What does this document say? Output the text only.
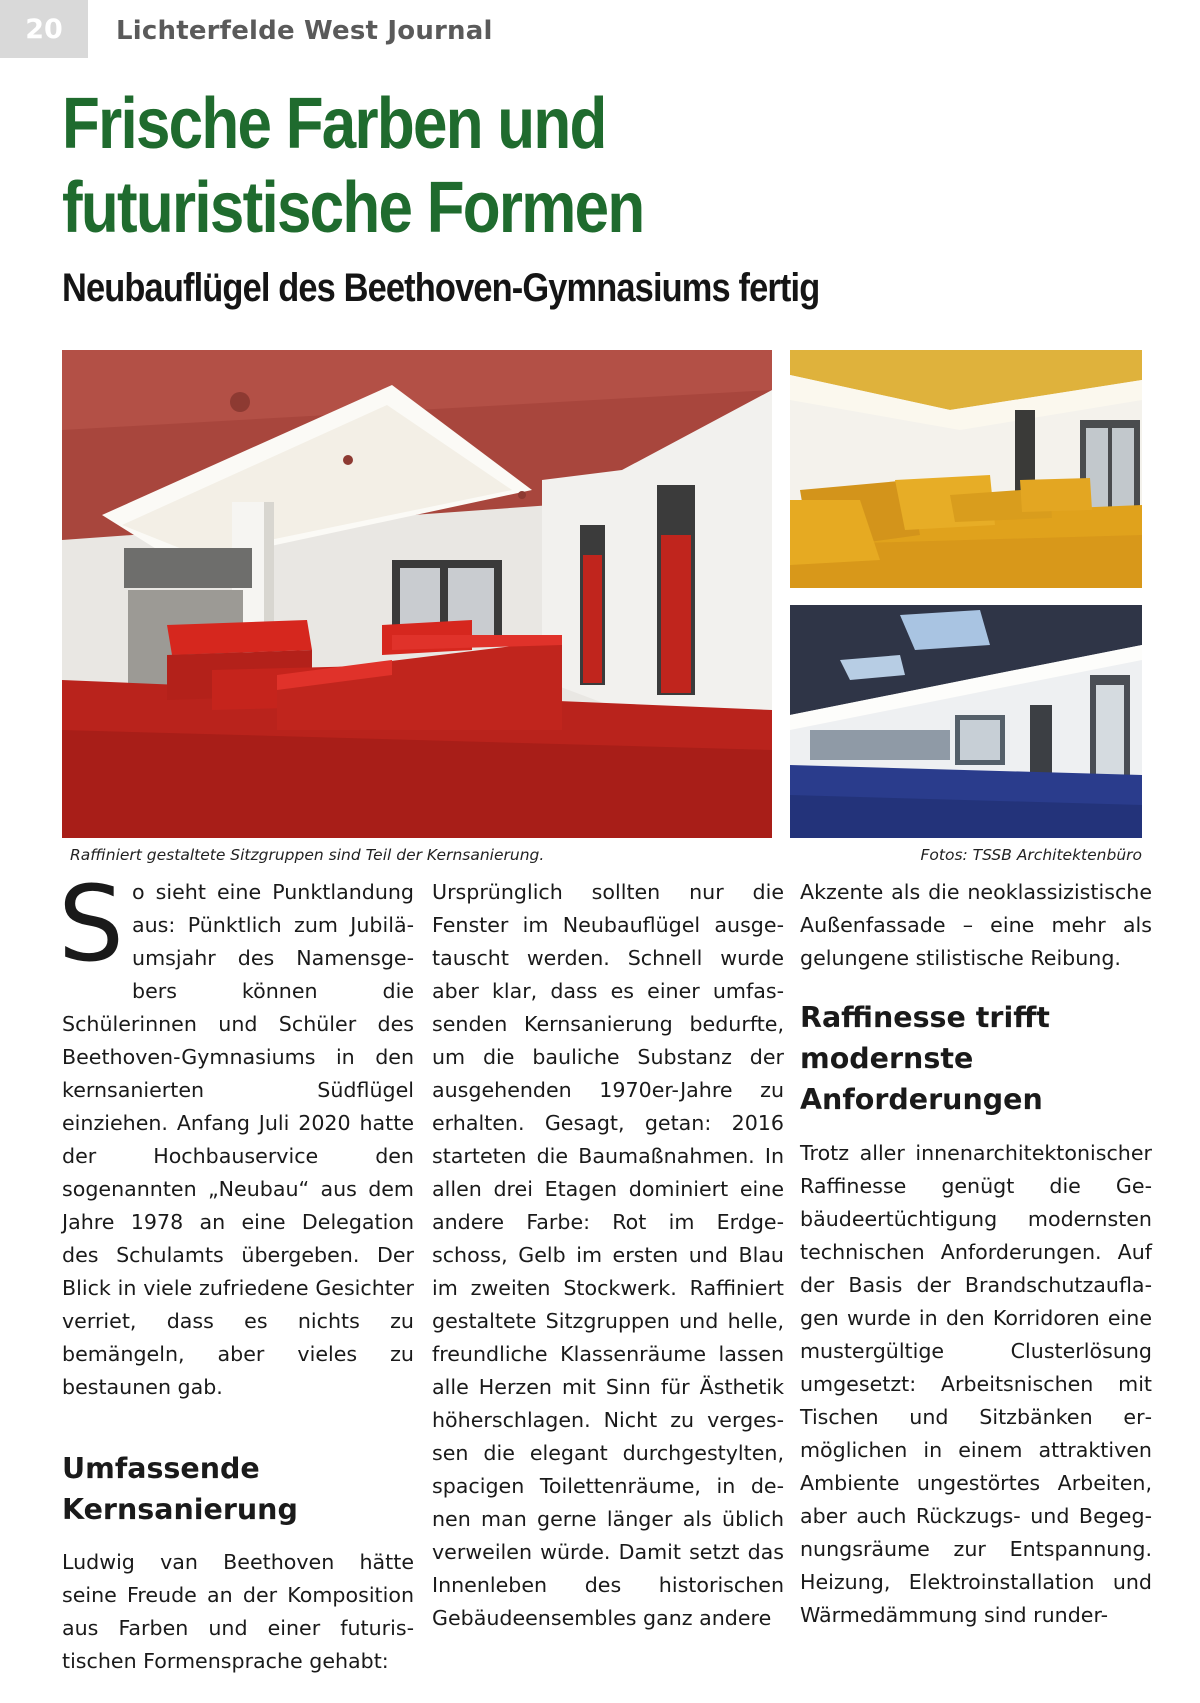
20	Lichterfelde West Journal
Frische Farben und
futuristische Formen
Neubauflügel des Beethoven-Gymnasiums fertig
Raffiniert gestaltete Sitzgruppen sind Teil der Kernsanierung.	Fotos: TSSB Architektenbüro

So sieht eine Punktlandung aus: Pünktlich zum Jubiläumsjahr des Namensgebers können die Schülerinnen und Schüler des Beethoven-Gymnasiums in den kernsanierten Südflügel einziehen. Anfang Juli 2020 hatte der Hochbauservice den sogenannten „Neubau“ aus dem Jahre 1978 an eine Delegation des Schulamts übergeben. Der Blick in viele zufriedene Gesichter verriet, dass es nichts zu bemängeln, aber vieles zu bestaunen gab.

Umfassende Kernsanierung

Ludwig van Beethoven hätte seine Freude an der Komposition aus Farben und einer futuristischen Formensprache gehabt:

Ursprünglich sollten nur die Fenster im Neubauflügel ausgetauscht werden. Schnell wurde aber klar, dass es einer umfassenden Kernsanierung bedurfte, um die bauliche Substanz der ausgehenden 1970er-Jahre zu erhalten. Gesagt, getan: 2016 starteten die Baumaßnahmen. In allen drei Etagen dominiert eine andere Farbe: Rot im Erdgeschoss, Gelb im ersten und Blau im zweiten Stockwerk. Raffiniert gestaltete Sitzgruppen und helle, freundliche Klassenräume lassen alle Herzen mit Sinn für Ästhetik höherschlagen. Nicht zu vergessen die elegant durchgestylten, spacigen Toilettenräume, in denen man gerne länger als üblich verweilen würde. Damit setzt das Innenleben des historischen Gebäudeensembles ganz andere

Akzente als die neoklassizistische Außenfassade – eine mehr als gelungene stilistische Reibung.

Raffinesse trifft modernste Anforderungen

Trotz aller innenarchitektonischer Raffinesse genügt die Gebäudeertüchtigung modernsten technischen Anforderungen. Auf der Basis der Brandschutzauflagen wurde in den Korridoren eine mustergültige Clusterlösung umgesetzt: Arbeitsnischen mit Tischen und Sitzbänken ermöglichen in einem attraktiven Ambiente ungestörtes Arbeiten, aber auch Rückzugs- und Begegnungsräume zur Entspannung. Heizung, Elektroinstallation und Wärmedämmung sind runder-
